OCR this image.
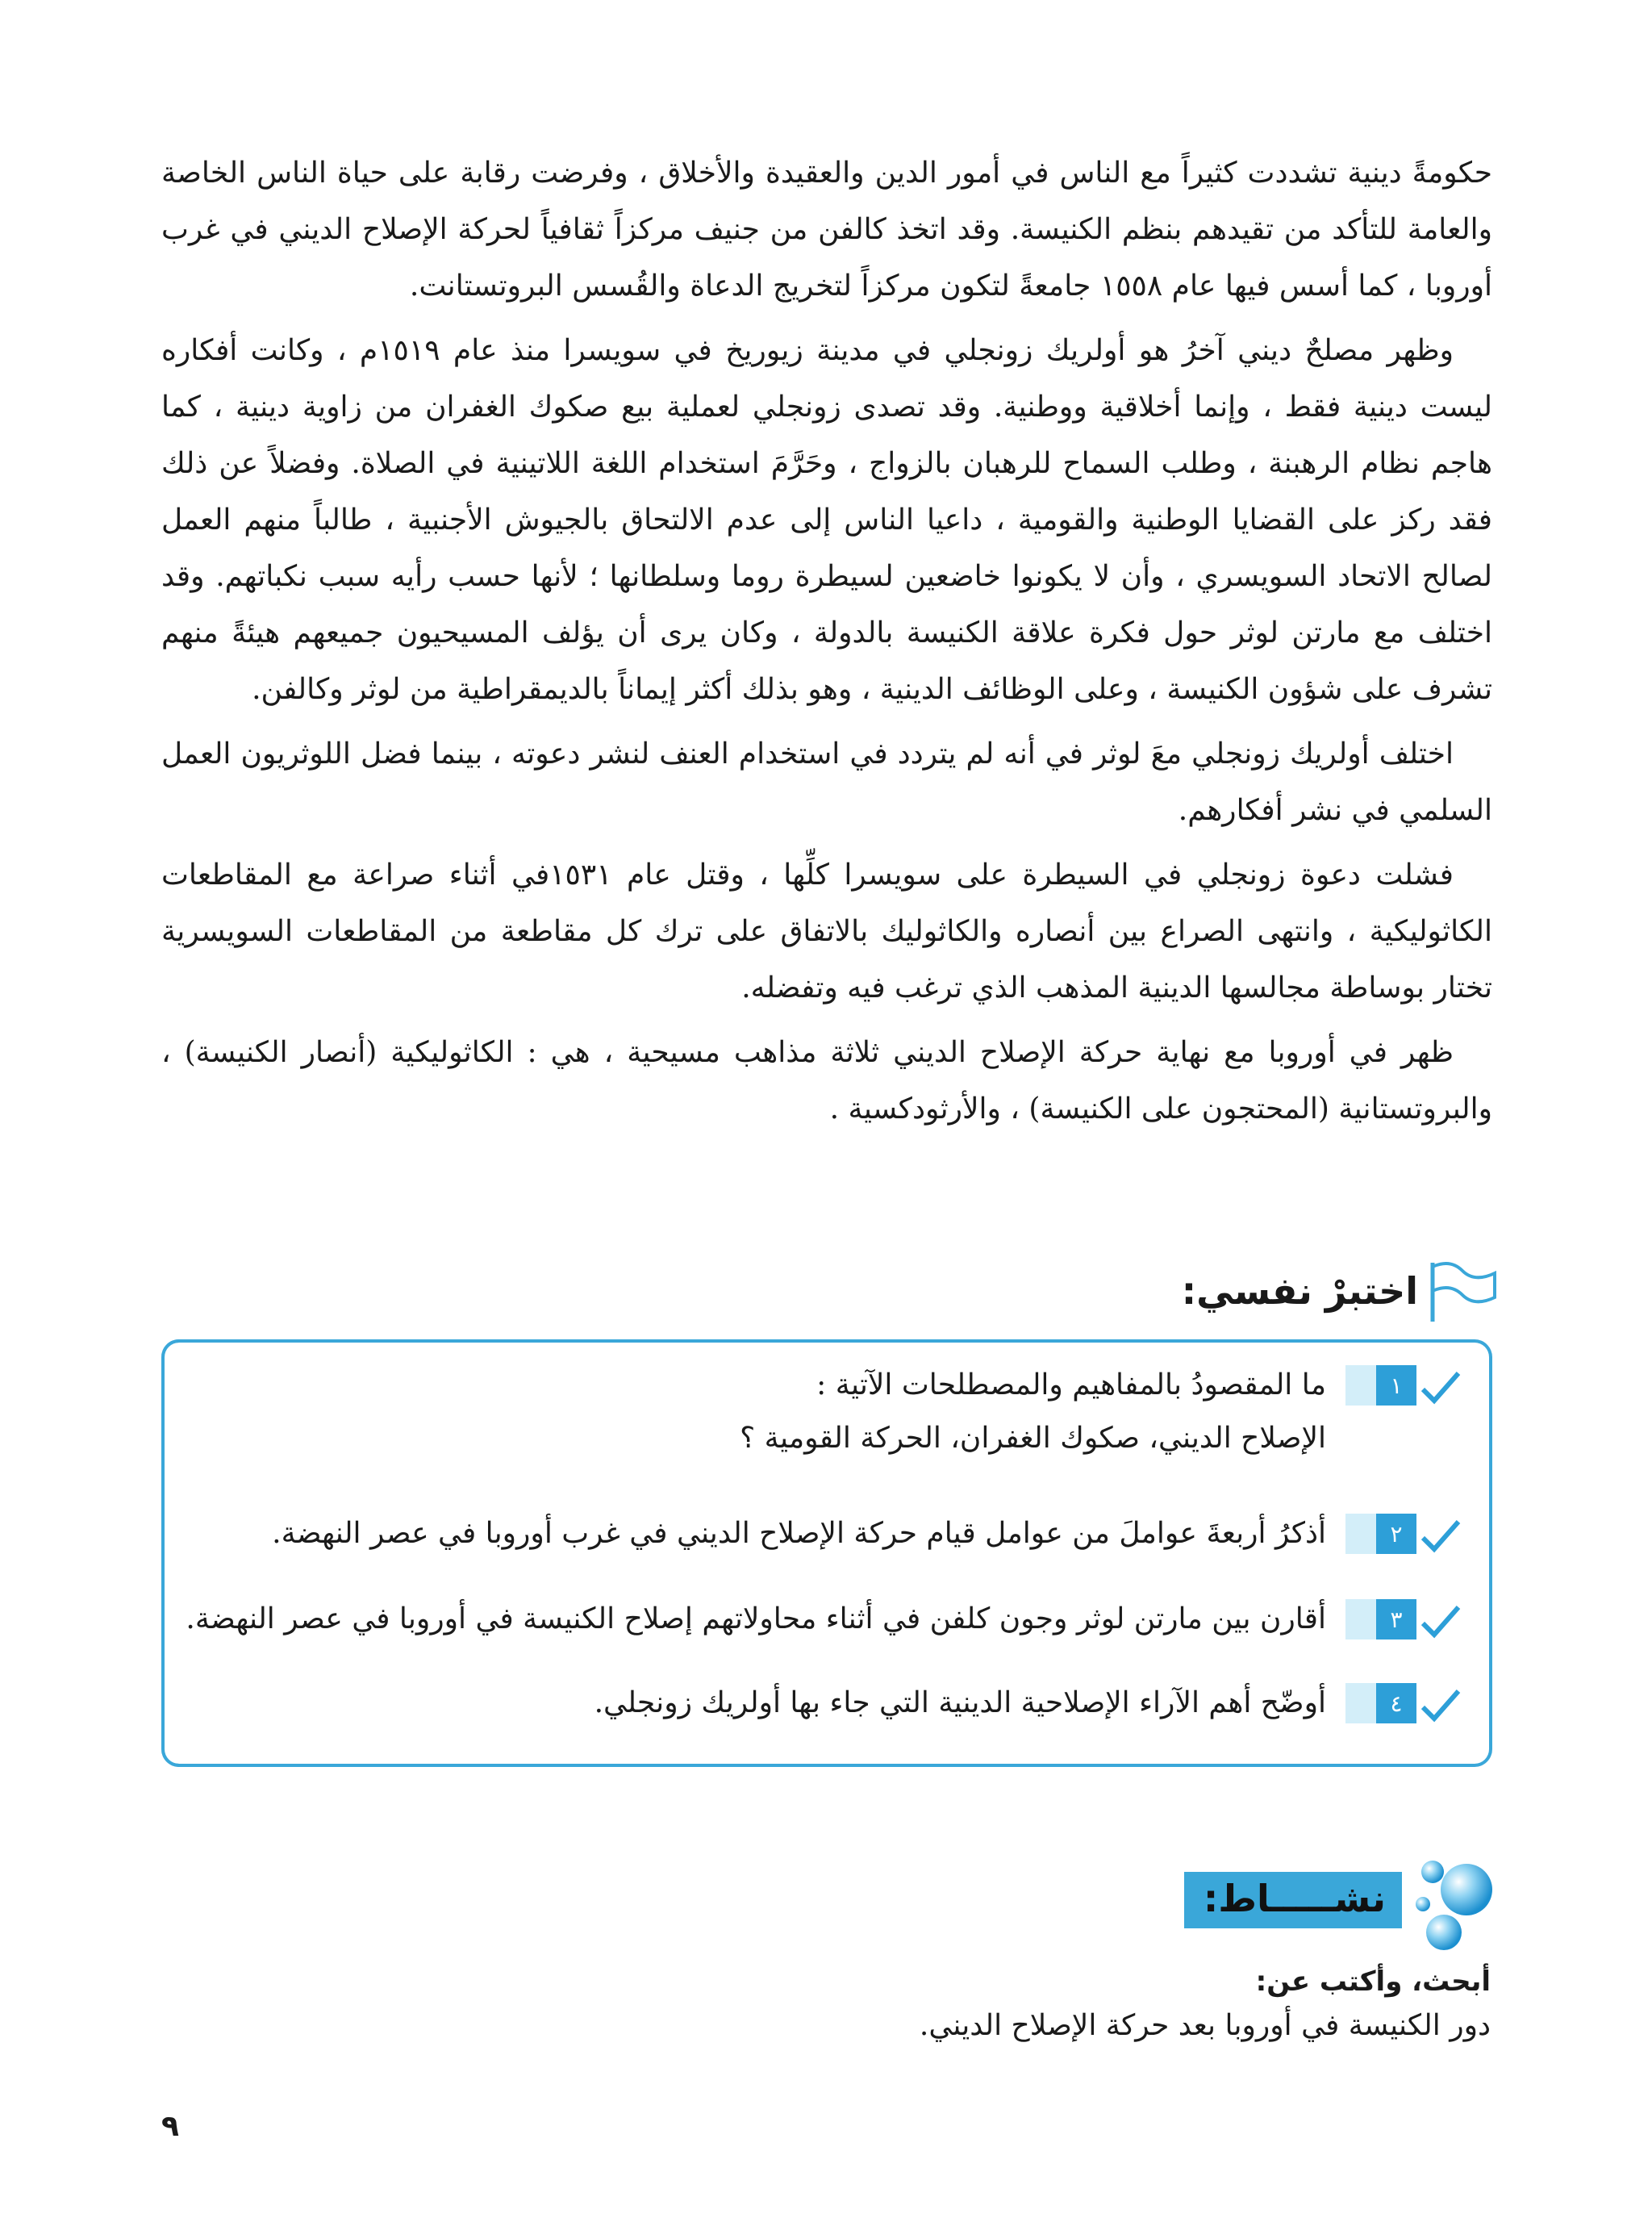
حكومةً دينية تشددت كثيراً مع الناس في أمور الدين والعقيدة والأخلاق ، وفرضت رقابة على حياة الناس الخاصة والعامة للتأكد من تقيدهم بنظم الكنيسة. وقد اتخذ كالفن من جنيف مركزاً ثقافياً لحركة الإصلاح الديني في غرب أوروبا ، كما أسس فيها عام ١٥٥٨ جامعةً لتكون مركزاً لتخريج الدعاة والقُسس البروتستانت.

وظهر مصلحٌ ديني آخرُ هو أولريك زونجلي في مدينة زيوريخ في سويسرا منذ عام ١٥١٩م ، وكانت أفكاره ليست دينية فقط ، وإنما أخلاقية ووطنية. وقد تصدى زونجلي لعملية بيع صكوك الغفران من زاوية دينية ، كما هاجم نظام الرهبنة ، وطلب السماح للرهبان بالزواج ، وحَرَّمَ استخدام اللغة اللاتينية في الصلاة. وفضلاً عن ذلك فقد ركز على القضايا الوطنية والقومية ، داعيا الناس إلى عدم الالتحاق بالجيوش الأجنبية ، طالباً منهم العمل لصالح الاتحاد السويسري ، وأن لا يكونوا خاضعين لسيطرة روما وسلطانها ؛ لأنها حسب رأيه سبب نكباتهم. وقد اختلف مع مارتن لوثر حول فكرة علاقة الكنيسة بالدولة ، وكان يرى أن يؤلف المسيحيون جميعهم هيئةً منهم تشرف على شؤون الكنيسة ، وعلى الوظائف الدينية ، وهو بذلك أكثر إيماناً بالديمقراطية من لوثر وكالفن.

اختلف أولريك زونجلي معَ لوثر في أنه لم يتردد في استخدام العنف لنشر دعوته ، بينما فضل اللوثريون العمل السلمي في نشر أفكارهم.

فشلت دعوة زونجلي في السيطرة على سويسرا كلِّها ، وقتل عام ١٥٣١في أثناء صراعة مع المقاطعات الكاثوليكية ، وانتهى الصراع بين أنصاره والكاثوليك بالاتفاق على ترك كل مقاطعة من المقاطعات السويسرية تختار بوساطة مجالسها الدينية المذهب الذي ترغب فيه وتفضله.

ظهر في أوروبا مع نهاية حركة الإصلاح الديني ثلاثة مذاهب مسيحية ، هي : الكاثوليكية (أنصار الكنيسة) ، والبروتستانية (المحتجون على الكنيسة) ، والأرثودكسية .

اختبرْ نفسي:
١
ما المقصودُ بالمفاهيم والمصطلحات الآتية :
الإصلاح الديني، صكوك الغفران، الحركة القومية ؟
٢
أذكرُ أربعةَ عواملَ من عوامل قيام حركة الإصلاح الديني في غرب أوروبا في عصر النهضة.
٣
أقارن بين مارتن لوثر وجون كلفن في أثناء محاولاتهم إصلاح الكنيسة في أوروبا في عصر النهضة.
٤
أوضّح أهم الآراء الإصلاحية الدينية التي جاء بها أولريك زونجلي.
نشـــــاط:
أبحث، وأكتب عن:
دور الكنيسة في أوروبا بعد حركة الإصلاح الديني.
٩
